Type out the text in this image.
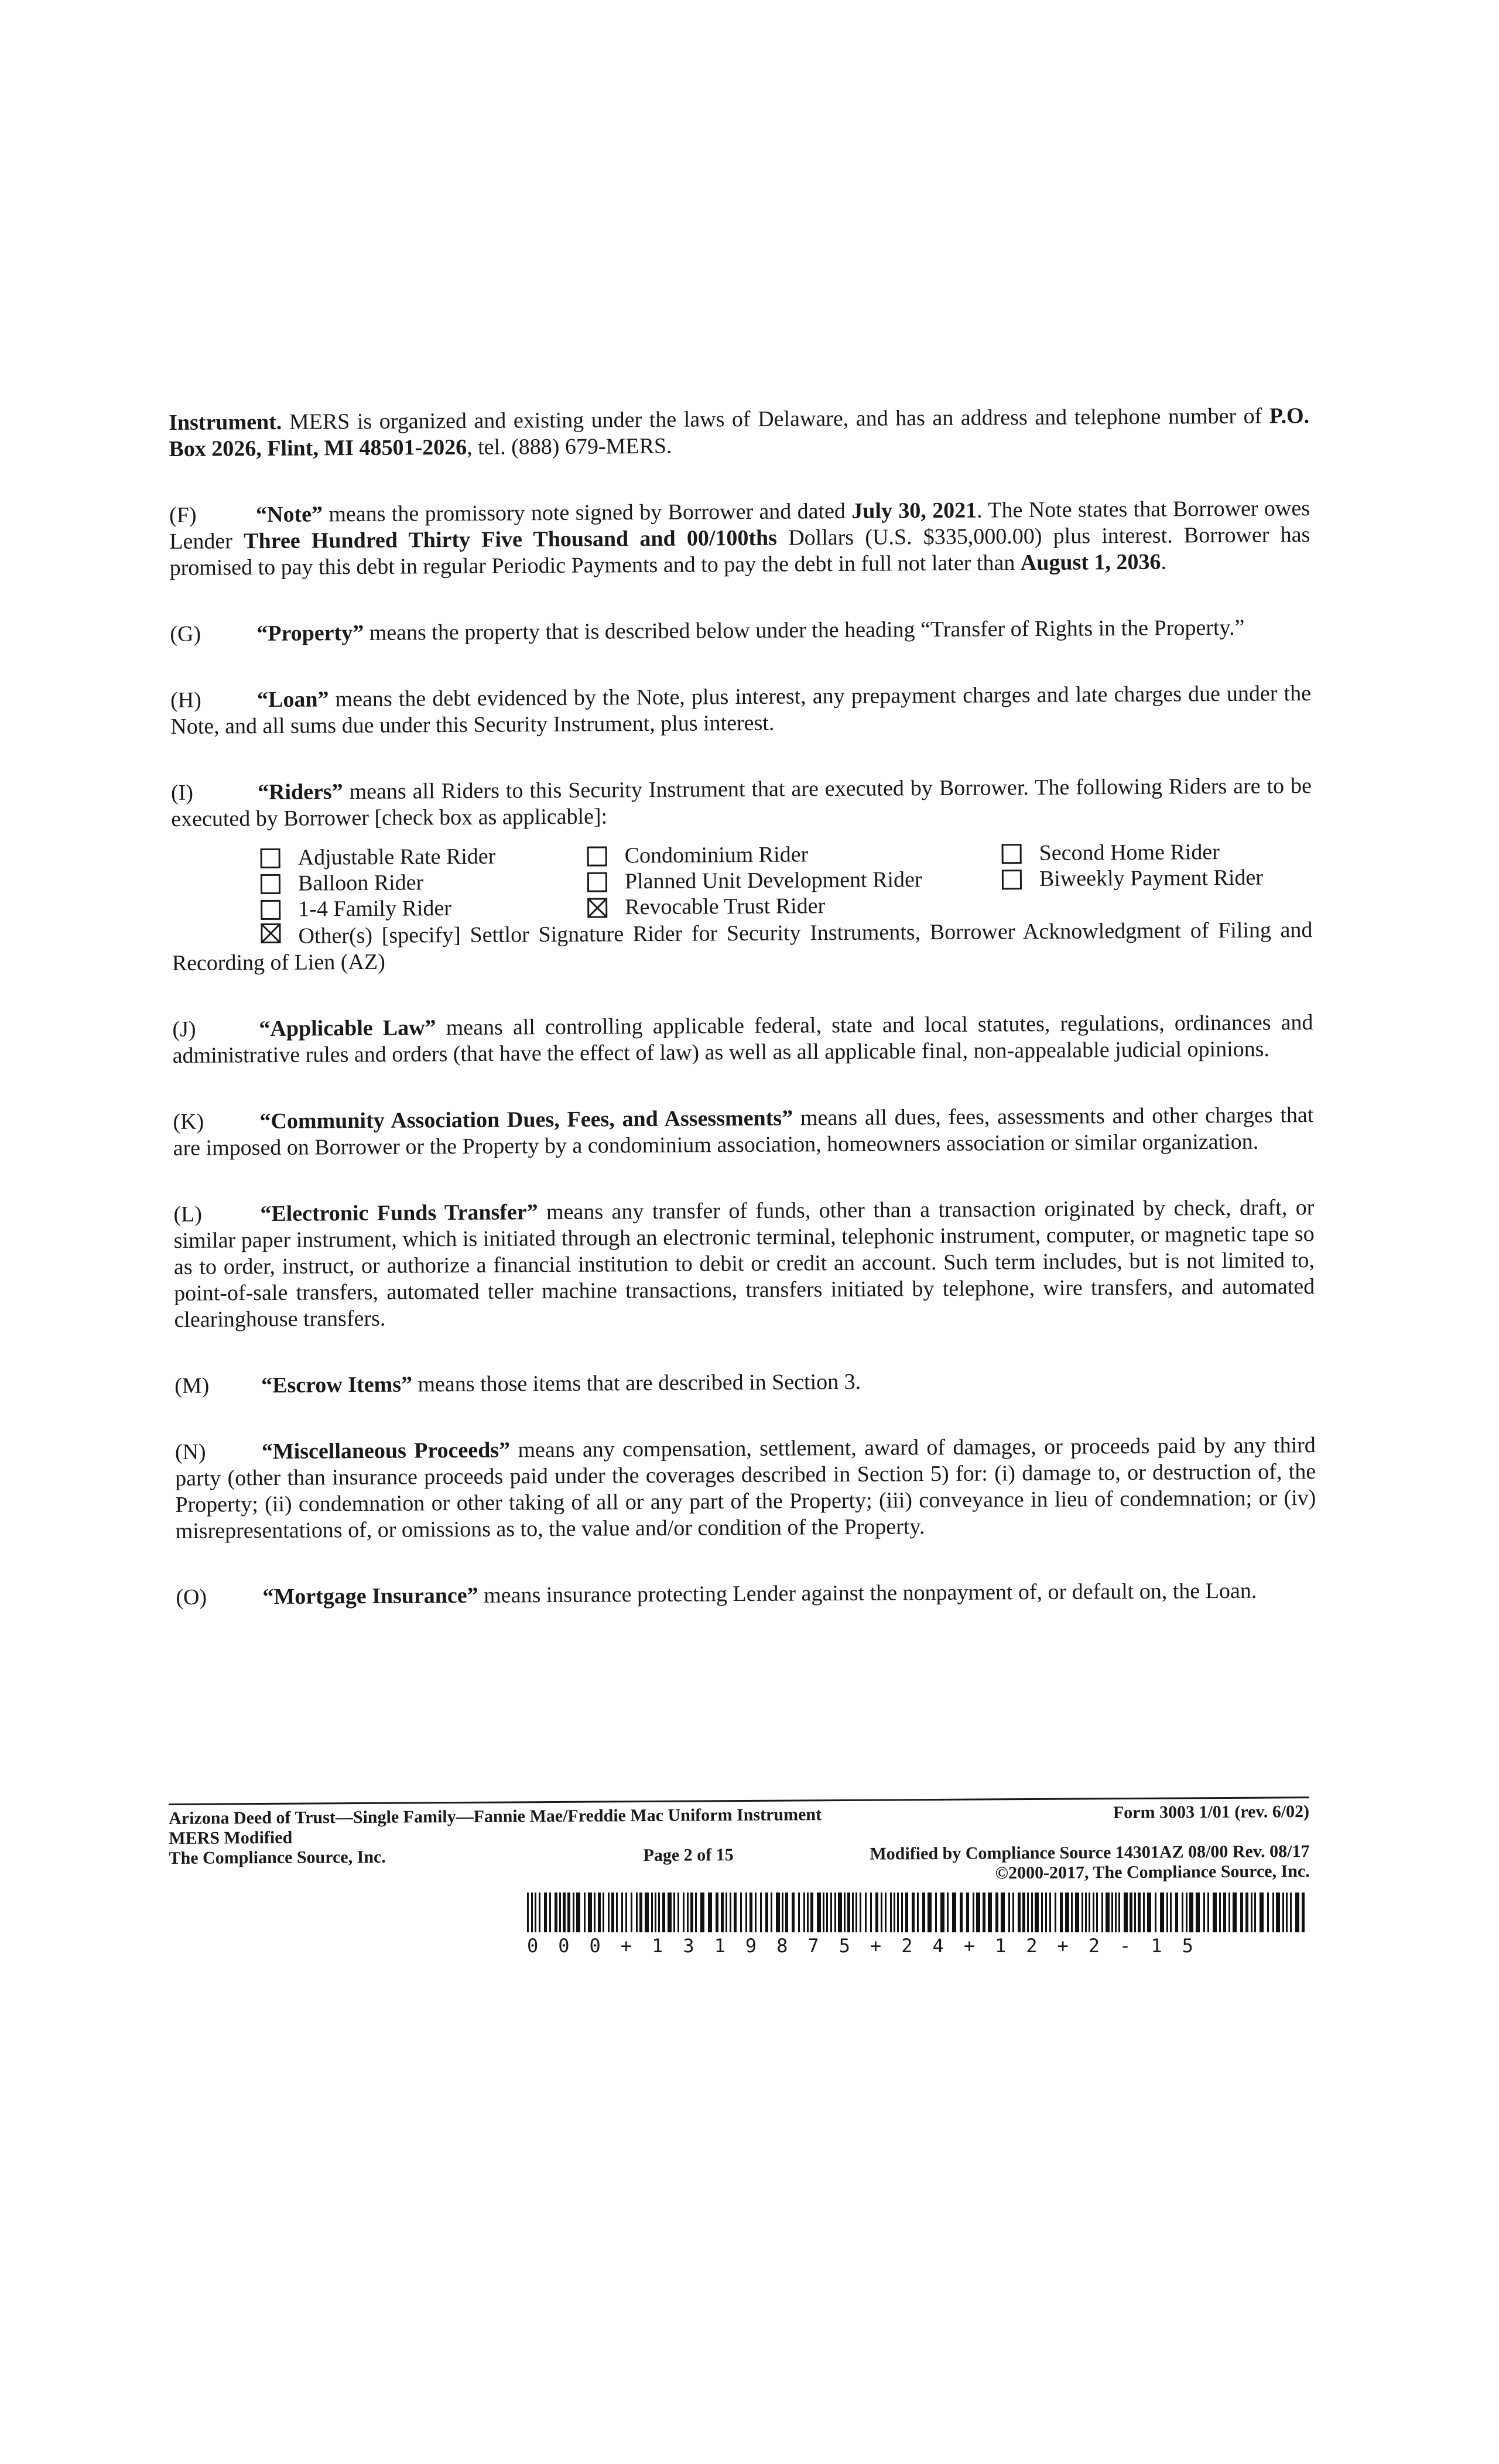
Instrument. MERS is organized and existing under the laws of Delaware, and has an address and telephone number of P.O. Box 2026, Flint, MI 48501-2026, tel. (888) 679-MERS.

(F)	“Note” means the promissory note signed by Borrower and dated July 30, 2021. The Note states that Borrower owes Lender Three Hundred Thirty Five Thousand and 00/100ths Dollars (U.S. $335,000.00) plus interest. Borrower has promised to pay this debt in regular Periodic Payments and to pay the debt in full not later than August 1, 2036.

(G) “Property” means the property that is described below under the heading “Transfer of Rights in the Property.”

(H) “Loan” means the debt evidenced by the Note, plus interest, any prepayment charges and late charges due under the Note, and all sums due under this Security Instrument, plus interest.

(I)	“Riders” means all Riders to this Security Instrument that are executed by Borrower. The following Riders are to be executed by Borrower [check box as applicable]:

Adjustable Rate Rider
Balloon Rider
1-4 Family Rider
Condominium Rider
Planned Unit Development Rider
Revocable Trust Rider
Second Home Rider
Biweekly Payment Rider

Other(s) [specify] Settlor Signature Rider for Security Instruments, Borrower Acknowledgment of Filing and Recording of Lien (AZ)

(J)	“Applicable Law” means all controlling applicable federal, state and local statutes, regulations, ordinances and administrative rules and orders (that have the effect of law) as well as all applicable final, non-appealable judicial opinions.

(K) “Community Association Dues, Fees, and Assessments” means all dues, fees, assessments and other charges that are imposed on Borrower or the Property by a condominium association, homeowners association or similar organization.

(L)	“Electronic Funds Transfer” means any transfer of funds, other than a transaction originated by check, draft, or similar paper instrument, which is initiated through an electronic terminal, telephonic instrument, computer, or magnetic tape so as to order, instruct, or authorize a financial institution to debit or credit an account. Such term includes, but is not limited to, point-of-sale transfers, automated teller machine transactions, transfers initiated by telephone, wire transfers, and automated clearinghouse transfers.

(M) “Escrow Items” means those items that are described in Section 3.

(N) “Miscellaneous Proceeds” means any compensation, settlement, award of damages, or proceeds paid by any third party (other than insurance proceeds paid under the coverages described in Section 5) for: (i) damage to, or destruction of, the Property; (ii) condemnation or other taking of all or any part of the Property; (iii) conveyance in lieu of condemnation; or (iv) misrepresentations of, or omissions as to, the value and/or condition of the Property.

(O) “Mortgage Insurance” means insurance protecting Lender against the nonpayment of, or default on, the Loan.

Arizona Deed of Trust—Single Family—Fannie Mae/Freddie Mac Uniform Instrument	Form 3003 1/01 (rev. 6/02)
MERS Modified
The Compliance Source, Inc.	Page 2 of 15	Modified by Compliance Source 14301AZ 08/00 Rev. 08/17
©2000-2017, The Compliance Source, Inc.
000+1319875+24+12+2-15
